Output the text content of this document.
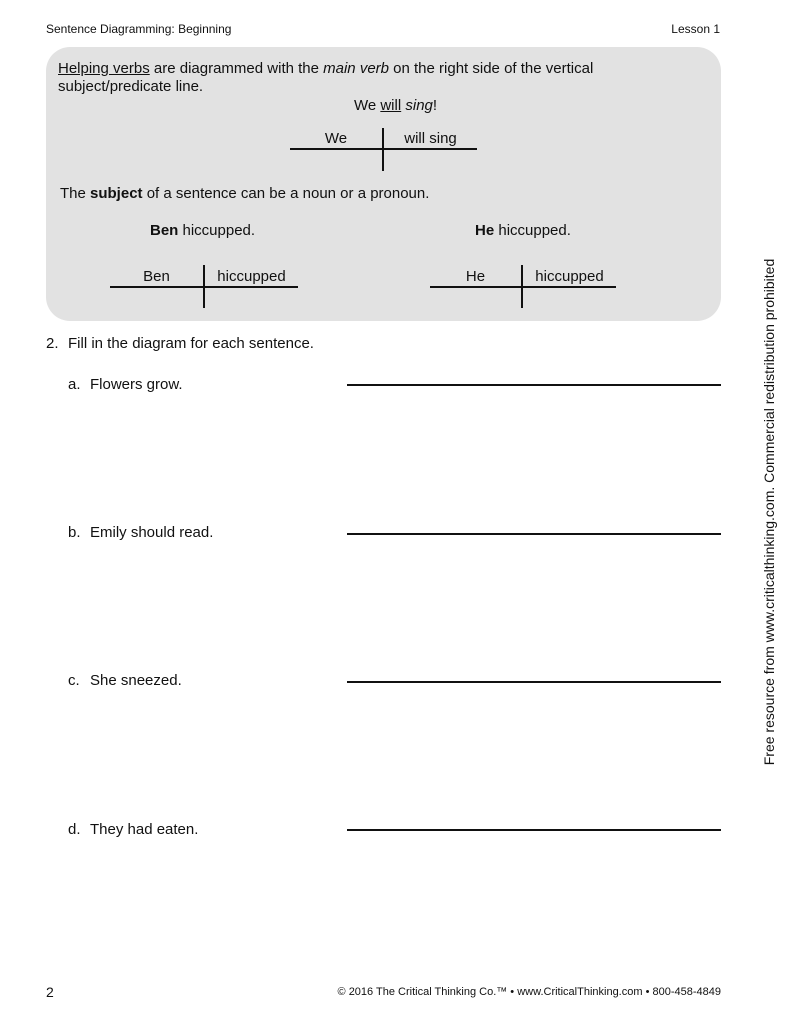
Sentence Diagramming: Beginning	Lesson 1
Helping verbs are diagrammed with the main verb on the right side of the vertical
subject/predicate line.
We will sing!
We	will sing
The subject of a sentence can be a noun or a pronoun.
Ben hiccupped.	He hiccupped.
Ben	hiccupped	He	hiccupped
2. Fill in the diagram for each sentence.
a. Flowers grow.
b. Emily should read.
c. She sneezed.
d. They had eaten.
Free resource from www.criticalthinking.com. Commercial redistribution prohibited
2	© 2016 The Critical Thinking Co.™ • www.CriticalThinking.com • 800-458-4849
